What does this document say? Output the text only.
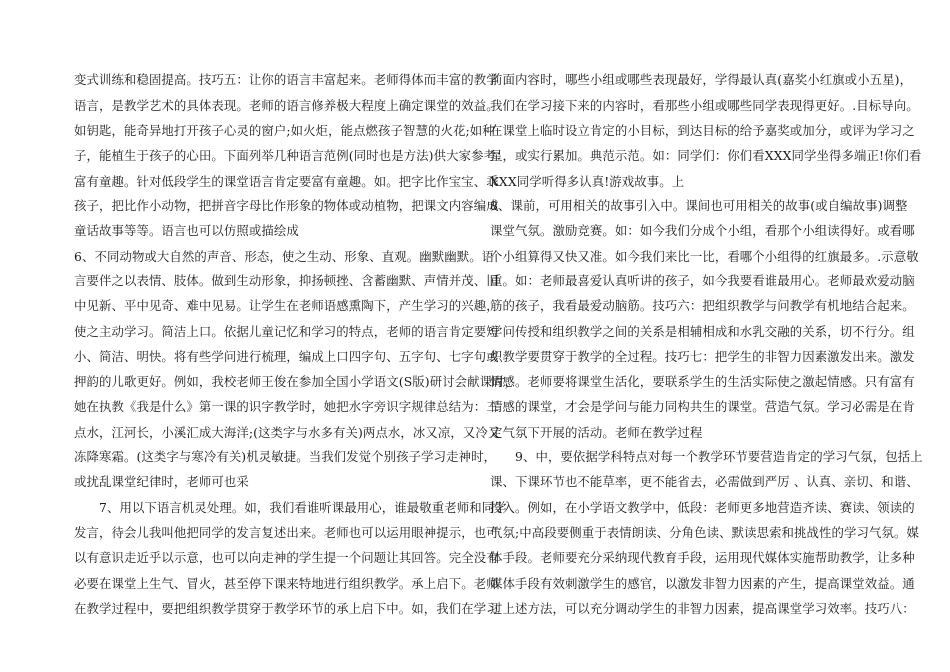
变式训练和稳固提高。技巧五：让你的语言丰富起来。老师得体而丰富的教学
语言，是教学艺术的具体表现。老师的语言修养极大程度上确定课堂的效益。
如钥匙，能奇异地打开孩子心灵的窗户;如火炬，能点燃孩子智慧的火花;如种
子，能植生于孩子的心田。下面列举几种语言范例(同时也是方法)供大家参考：
富有童趣。针对低段学生的课堂语言肯定要富有童趣。如。把字比作宝宝、乖
孩子，把比作小动物，把拼音字母比作形象的物体或动植物，把课文内容编成
童话故事等等。语言也可以仿照或描绘成
6、不同动物或大自然的声音、形态，使之生动、形象、直观。幽默幽默。语
言要伴之以表情、肢体。做到生动形象，抑扬顿挫、含蓄幽默、声情并茂、旧
中见新、平中见奇、难中见易。让学生在老师语感熏陶下，产生学习的兴趣，
使之主动学习。简洁上口。依据儿童记忆和学习的特点，老师的语言肯定要短
小、简洁、明快。将有些学问进行梳理，编成上口四字句、五字句、七字句或
押韵的儿歌更好。例如，我校老师王俊在参加全国小学语文(S版)研讨会献课时，
她在执教《我是什么》第一课的识字教学时，她把水字旁识字规律总结为：三
点水，江河长，小溪汇成大海洋;(这类字与水多有关)两点水，冰又凉，又冷又
冻降寒霜。(这类字与寒冷有关)机灵敏捷。当我们发觉个别孩子学习走神时，
或扰乱课堂纪律时，老师可也采
　　7、用以下语言机灵处理。如，我们看谁听课最用心，谁最敬重老师和同学
发言，待会儿我叫他把同学的发言复述出来。老师也可以运用眼神提示，也可
以有意识走近乎以示意，也可以向走神的学生提一个问题让其回答。完全没有
必要在课堂上生气、冒火，甚至停下课来特地进行组织教学。承上启下。老师
在教学过程中，要把组织教学贯穿于教学环节的承上启下中。如，我们在学习
前面内容时，哪些小组或哪些表现最好，学得最认真(嘉奖小红旗或小五星)，
我们在学习接下来的内容时，看那些小组或哪些同学表现得更好。.目标导向。
在课堂上临时设立肯定的小目标，到达目标的给予嘉奖或加分，或评为学习之
星，或实行累加。典范示范。如：同学们：你们看XXX同学坐得多端正!你们看
XXX同学听得多认真!游戏故事。上
8、课前，可用相关的故事引入中。课间也可用相关的故事(或自编故事)调整
课堂气氛。激励竞赛。如：如今我们分成个小组，看那个小组读得好。或看哪
个小组算得又快又准。如今我们来比一比，看哪个小组得的红旗最多。.示意敬
重。如：老师最喜爱认真听讲的孩子，如今我要看谁最用心。老师最欢爱动脑
筋的孩子，我看最爱动脑筋。技巧六：把组织教学与问教学有机地结合起来。
学问传授和组织教学之间的关系是相辅相成和水乳交融的关系，切不行分。组
织教学要贯穿于教学的全过程。技巧七：把学生的非智力因素激发出来。激发
情感。老师要将课堂生活化，要联系学生的生活实际使之激起情感。只有富有
情感的课堂，才会是学问与能力同构共生的课堂。营造气氛。学习必需是在肯
定气氛下开展的活动。老师在教学过程
　　9、中，要依据学科特点对每一个教学环节要营造肯定的学习气氛，包括上
课、下课环节也不能草率，更不能省去，必需做到严厉 、认真、亲切、和谐、
投入。例如，在小学语文教学中，低段：老师更多地营造齐读、赛读、领读的
气氛;中高段要侧重于表情朗读、分角色读、默读思索和挑战性的学习气氛。媒
体手段。老师要充分采纳现代教育手段，运用现代媒体实施帮助教学，让多种
媒体手段有效刺激学生的感官，以激发非智力因素的产生，提高课堂效益。通
过上述方法，可以充分调动学生的非智力因素，提高课堂学习效率。技巧八：
